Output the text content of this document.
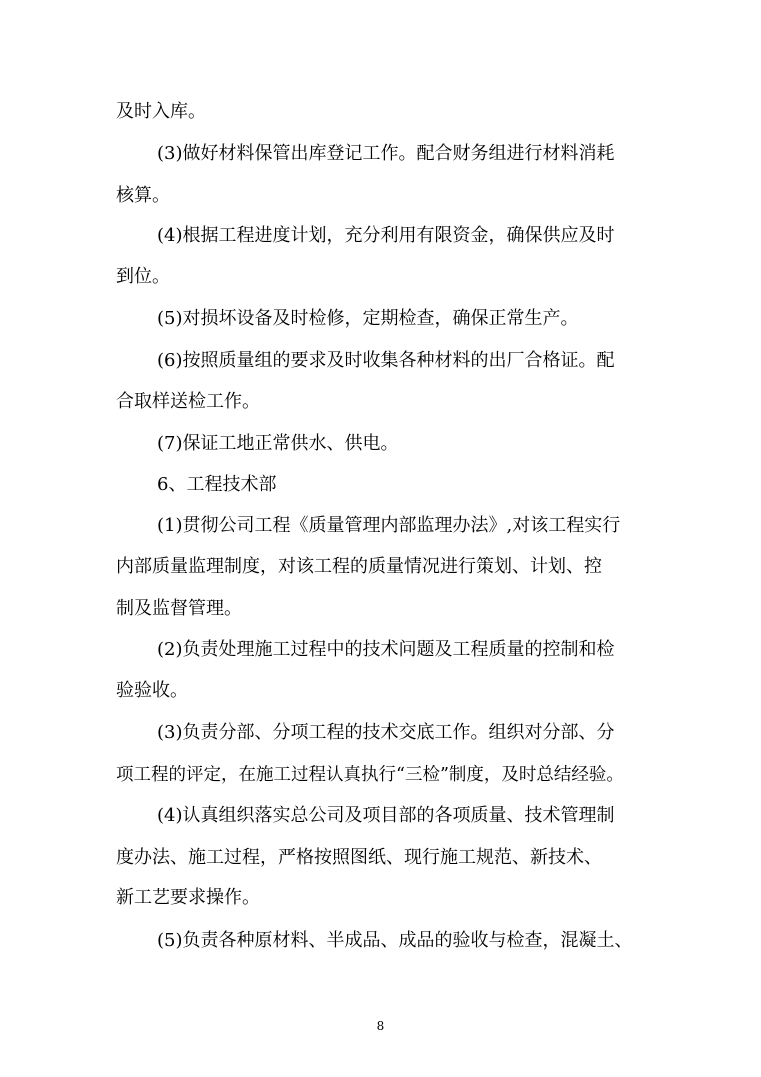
及时入库。
(3)做好材料保管出库登记工作。配合财务组进行材料消耗
核算。
(4)根据工程进度计划，充分利用有限资金，确保供应及时
到位。
(5)对损坏设备及时检修，定期检查，确保正常生产。
(6)按照质量组的要求及时收集各种材料的出厂合格证。配
合取样送检工作。
(7)保证工地正常供水、供电。
6、工程技术部
(1)贯彻公司工程《质量管理内部监理办法》,对该工程实行
内部质量监理制度，对该工程的质量情况进行策划、计划、控
制及监督管理。
(2)负责处理施工过程中的技术问题及工程质量的控制和检
验验收。
(3)负责分部、分项工程的技术交底工作。组织对分部、分
项工程的评定，在施工过程认真执行“三检”制度，及时总结经验。
(4)认真组织落实总公司及项目部的各项质量、技术管理制
度办法、施工过程，严格按照图纸、现行施工规范、新技术、
新工艺要求操作。
(5)负责各种原材料、半成品、成品的验收与检查，混凝土、
8
